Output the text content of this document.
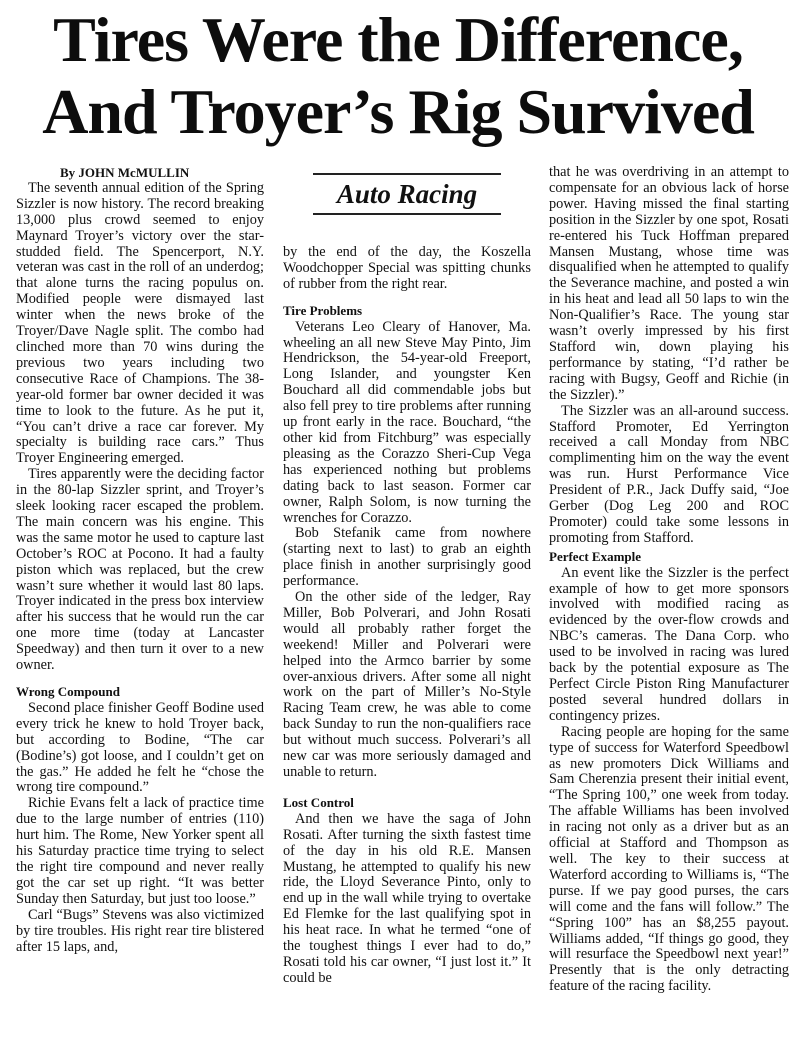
Tires Were the Difference,
And Troyer’s Rig Survived
By JOHN McMULLIN

The seventh annual edition of the Spring Sizzler is now history. The record breaking 13,000 plus crowd seemed to enjoy Maynard Troyer’s victory over the star-studded field. The Spencerport, N.Y. veteran was cast in the roll of an underdog; that alone turns the racing populus on. Modified people were dismayed last winter when the news broke of the Troyer/Dave Nagle split. The combo had clinched more than 70 wins during the previous two years including two consecutive Race of Champions. The 38-year-old former bar owner decided it was time to look to the future. As he put it, “You can’t drive a race car forever. My specialty is building race cars.” Thus Troyer Engineering emerged.

Tires apparently were the deciding factor in the 80-lap Sizzler sprint, and Troyer’s sleek looking racer escaped the problem. The main concern was his engine. This was the same motor he used to capture last October’s ROC at Pocono. It had a faulty piston which was replaced, but the crew wasn’t sure whether it would last 80 laps. Troyer indicated in the press box interview after his success that he would run the car one more time (today at Lancaster Speedway) and then turn it over to a new owner.

Wrong Compound

Second place finisher Geoff Bodine used every trick he knew to hold Troyer back, but according to Bodine, “The car (Bodine’s) got loose, and I couldn’t get on the gas.” He added he felt he “chose the wrong tire compound.”

Richie Evans felt a lack of practice time due to the large number of entries (110) hurt him. The Rome, New Yorker spent all his Saturday practice time trying to select the right tire compound and never really got the car set up right. “It was better Sunday then Saturday, but just too loose.”

Carl “Bugs” Stevens was also victimized by tire troubles. His right rear tire blistered after 15 laps, and,

Auto Racing

by the end of the day, the Koszella Woodchopper Special was spitting chunks of rubber from the right rear.

Tire Problems

Veterans Leo Cleary of Hanover, Ma. wheeling an all new Steve May Pinto, Jim Hendrickson, the 54-year-old Freeport, Long Islander, and youngster Ken Bouchard all did commendable jobs but also fell prey to tire problems after running up front early in the race. Bouchard, “the other kid from Fitchburg” was especially pleasing as the Corazzo Sheri-Cup Vega has experienced nothing but problems dating back to last season. Former car owner, Ralph Solom, is now turning the wrenches for Corazzo.

Bob Stefanik came from nowhere (starting next to last) to grab an eighth place finish in another surprisingly good performance.

On the other side of the ledger, Ray Miller, Bob Polverari, and John Rosati would all probably rather forget the weekend! Miller and Polverari were helped into the Armco barrier by some over-anxious drivers. After some all night work on the part of Miller’s No-Style Racing Team crew, he was able to come back Sunday to run the non-qualifiers race but without much success. Polverari’s all new car was more seriously damaged and unable to return.

Lost Control

And then we have the saga of John Rosati. After turning the sixth fastest time of the day in his old R.E. Mansen Mustang, he attempted to qualify his new ride, the Lloyd Severance Pinto, only to end up in the wall while trying to overtake Ed Flemke for the last qualifying spot in his heat race. In what he termed “one of the toughest things I ever had to do,” Rosati told his car owner, “I just lost it.” It could be

that he was overdriving in an attempt to compensate for an obvious lack of horse power. Having missed the final starting position in the Sizzler by one spot, Rosati re-entered his Tuck Hoffman prepared Mansen Mustang, whose time was disqualified when he attempted to qualify the Severance machine, and posted a win in his heat and lead all 50 laps to win the Non-Qualifier’s Race. The young star wasn’t overly impressed by his first Stafford win, down playing his performance by stating, “I’d rather be racing with Bugsy, Geoff and Richie (in the Sizzler).”

The Sizzler was an all-around success. Stafford Promoter, Ed Yerrington received a call Monday from NBC complimenting him on the way the event was run. Hurst Performance Vice President of P.R., Jack Duffy said, “Joe Gerber (Dog Leg 200 and ROC Promoter) could take some lessons in promoting from Stafford.

Perfect Example

An event like the Sizzler is the perfect example of how to get more sponsors involved with modified racing as evidenced by the over-flow crowds and NBC’s cameras. The Dana Corp. who used to be involved in racing was lured back by the potential exposure as The Perfect Circle Piston Ring Manufacturer posted several hundred dollars in contingency prizes.

Racing people are hoping for the same type of success for Waterford Speedbowl as new promoters Dick Williams and Sam Cherenzia present their initial event, “The Spring 100,” one week from today. The affable Williams has been involved in racing not only as a driver but as an official at Stafford and Thompson as well. The key to their success at Waterford according to Williams is, “The purse. If we pay good purses, the cars will come and the fans will follow.” The “Spring 100” has an $8,255 payout. Williams added, “If things go good, they will resurface the Speedbowl next year!” Presently that is the only detracting feature of the racing facility.
